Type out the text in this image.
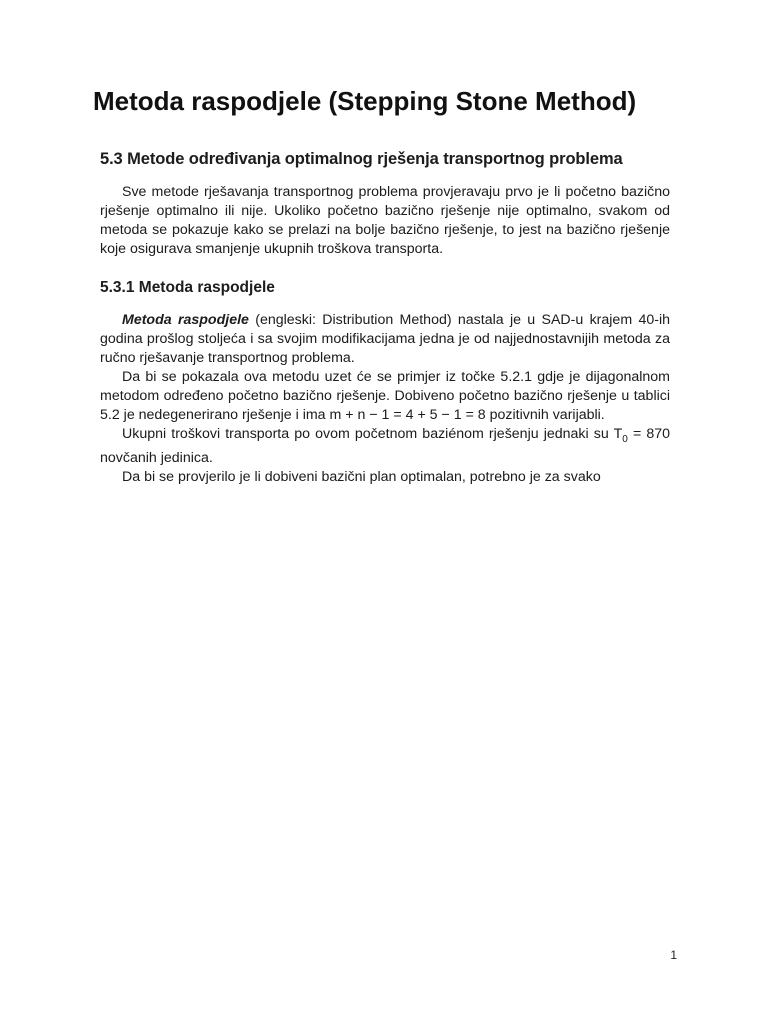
Metoda raspodjele (Stepping Stone Method)
5.3 Metode određivanja optimalnog rješenja transportnog problema

Sve metode rješavanja transportnog problema provjeravaju prvo je li početno bazično rješenje optimalno ili nije. Ukoliko početno bazično rješenje nije optimalno, svakom od metoda se pokazuje kako se prelazi na bolje bazično rješenje, to jest na bazično rješenje koje osigurava smanjenje ukupnih troškova transporta.

5.3.1 Metoda raspodjele

Metoda raspodjele (engleski: Distribution Method) nastala je u SAD-u krajem 40-ih godina prošlog stoljeća i sa svojim modifikacijama jedna je od najjednostavnijih metoda za ručno rješavanje transportnog problema.

Da bi se pokazala ova metodu uzet će se primjer iz točke 5.2.1 gdje je dijagonalnom metodom određeno početno bazično rješenje. Dobiveno početno bazično rješenje u tablici 5.2 je nedegenerirano rješenje i ima m + n − 1 = 4 + 5 − 1 = 8 pozitivnih varijabli.

Ukupni troškovi transporta po ovom početnom baziénom rješenju jednaki su $T_0 = 870$ novčanih jedinica.

Da bi se provjerilo je li dobiveni bazični plan optimalan, potrebno je za svako

1
